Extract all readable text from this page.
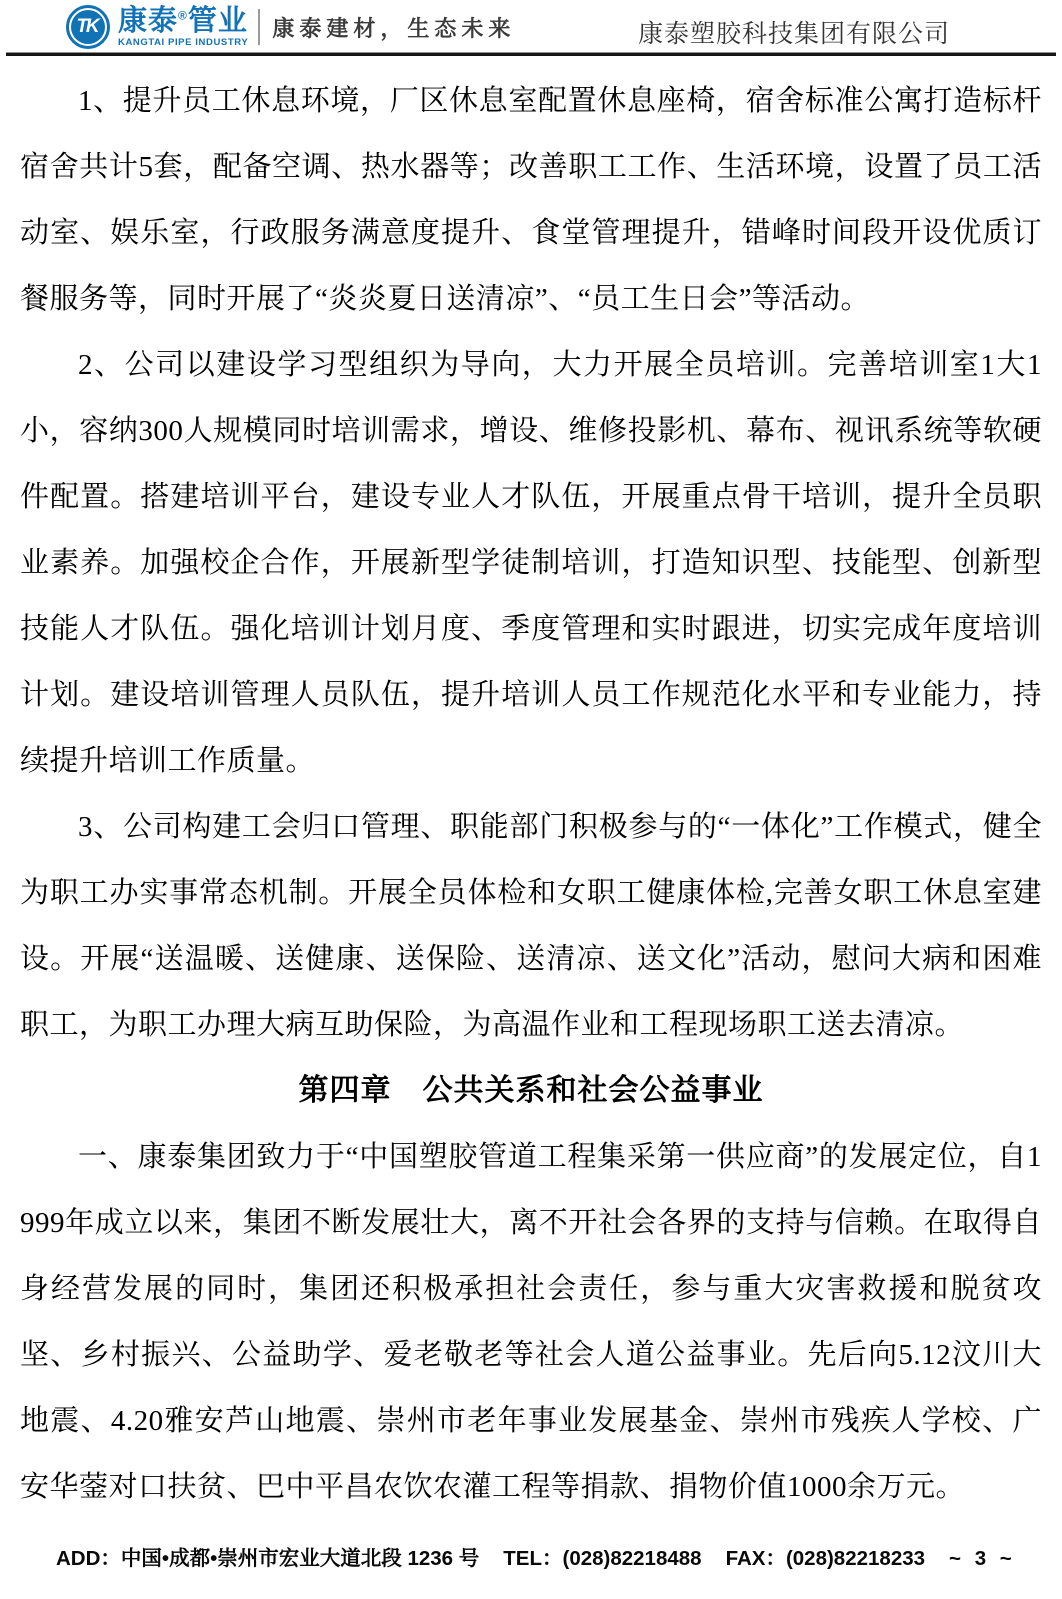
TK 康泰®管业
KANGTAI PIPE INDUSTRY
康泰建材，生态未来	康泰塑胶科技集团有限公司

1、提升员工休息环境，厂区休息室配置休息座椅，宿舍标准公寓打造标杆宿舍共计5套，配备空调、热水器等；改善职工工作、生活环境，设置了员工活动室、娱乐室，行政服务满意度提升、食堂管理提升，错峰时间段开设优质订餐服务等，同时开展了“炎炎夏日送清凉”、“员工生日会”等活动。

2、公司以建设学习型组织为导向，大力开展全员培训。完善培训室1大1小，容纳300人规模同时培训需求，增设、维修投影机、幕布、视讯系统等软硬件配置。搭建培训平台，建设专业人才队伍，开展重点骨干培训，提升全员职业素养。加强校企合作，开展新型学徒制培训，打造知识型、技能型、创新型技能人才队伍。强化培训计划月度、季度管理和实时跟进，切实完成年度培训计划。建设培训管理人员队伍，提升培训人员工作规范化水平和专业能力，持续提升培训工作质量。

3、公司构建工会归口管理、职能部门积极参与的“一体化”工作模式，健全为职工办实事常态机制。开展全员体检和女职工健康体检,完善女职工休息室建设。开展“送温暖、送健康、送保险、送清凉、送文化”活动，慰问大病和困难职工，为职工办理大病互助保险，为高温作业和工程现场职工送去清凉。

第四章　公共关系和社会公益事业

一、康泰集团致力于“中国塑胶管道工程集采第一供应商”的发展定位，自1999年成立以来，集团不断发展壮大，离不开社会各界的支持与信赖。在取得自身经营发展的同时，集团还积极承担社会责任，参与重大灾害救援和脱贫攻坚、乡村振兴、公益助学、爱老敬老等社会人道公益事业。先后向5.12汶川大地震、4.20雅安芦山地震、崇州市老年事业发展基金、崇州市残疾人学校、广安华蓥对口扶贫、巴中平昌农饮农灌工程等捐款、捐物价值1000余万元。

ADD：中国•成都•崇州市宏业大道北段 1236 号 TEL：(028)82218488 FAX：(028)82218233 ~ 3 ~
